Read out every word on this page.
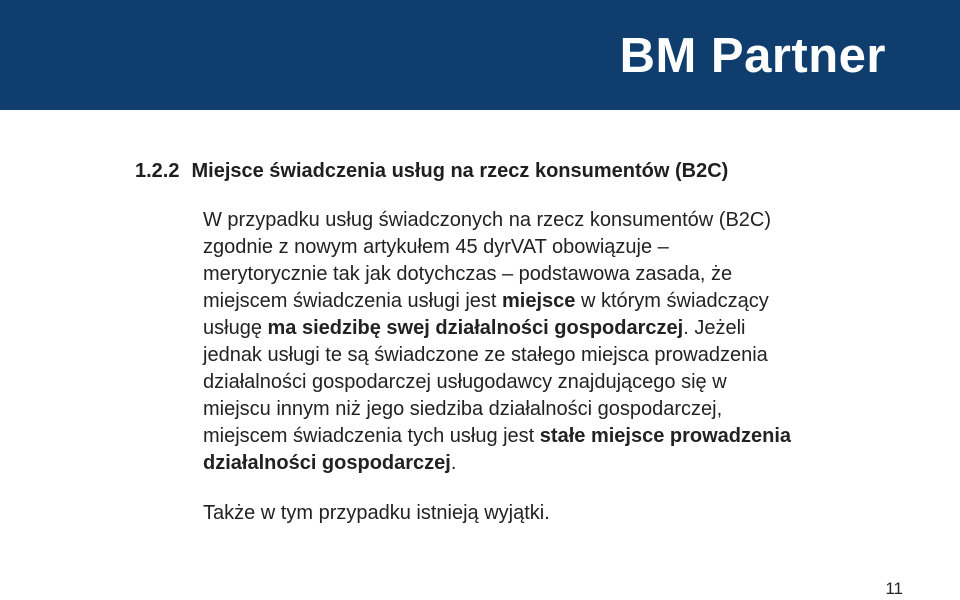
BM Partner
1.2.2 Miejsce świadczenia usług na rzecz konsumentów (B2C)
W przypadku usług świadczonych na rzecz konsumentów (B2C)
zgodnie z nowym artykułem 45 dyrVAT obowiązuje –
merytorycznie tak jak dotychczas – podstawowa zasada, że
miejscem świadczenia usługi jest miejsce w którym świadczący
usługę ma siedzibę swej działalności gospodarczej. Jeżeli
jednak usługi te są świadczone ze stałego miejsca prowadzenia
działalności gospodarczej usługodawcy znajdującego się w
miejscu innym niż jego siedziba działalności gospodarczej,
miejscem świadczenia tych usług jest stałe miejsce prowadzenia
działalności gospodarczej.
Także w tym przypadku istnieją wyjątki.
11
